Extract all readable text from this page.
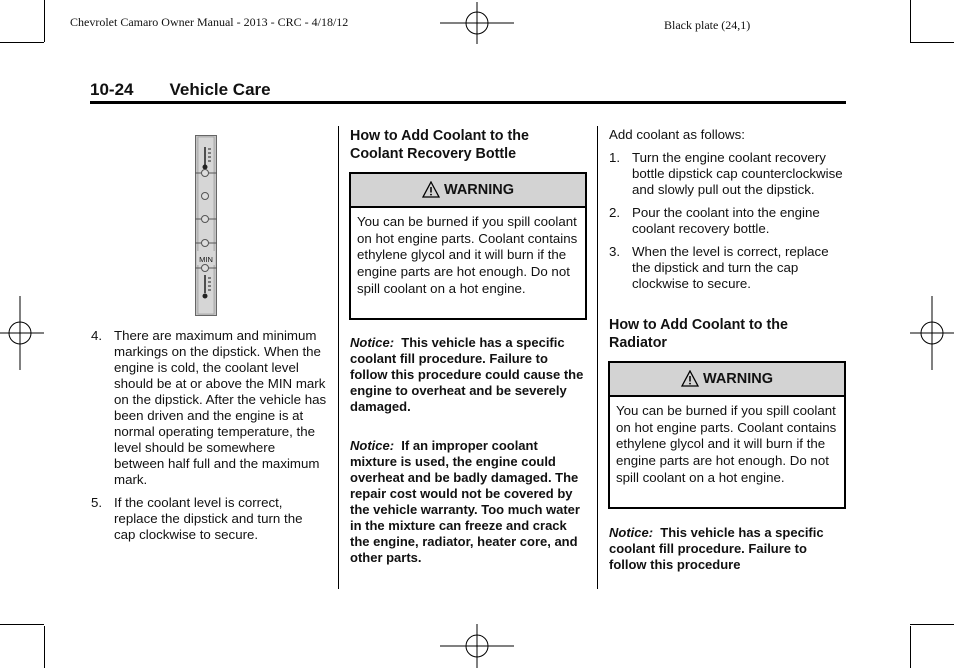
Chevrolet Camaro Owner Manual - 2013 - CRC - 4/18/12	Black plate (24,1)
10-24 Vehicle Care
MIN
4. There are maximum and minimum markings on the dipstick. When the engine is cold, the coolant level should be at or above the MIN mark on the dipstick. After the vehicle has been driven and the engine is at normal operating temperature, the level should be somewhere between half full and the maximum mark.
5. If the coolant level is correct, replace the dipstick and turn the cap clockwise to secure.
How to Add Coolant to the Coolant Recovery Bottle
WARNING
You can be burned if you spill coolant on hot engine parts. Coolant contains ethylene glycol and it will burn if the engine parts are hot enough. Do not spill coolant on a hot engine.
Notice: This vehicle has a specific coolant fill procedure. Failure to follow this procedure could cause the engine to overheat and be severely damaged.
Notice: If an improper coolant mixture is used, the engine could overheat and be badly damaged. The repair cost would not be covered by the vehicle warranty. Too much water in the mixture can freeze and crack the engine, radiator, heater core, and other parts.
Add coolant as follows:
1. Turn the engine coolant recovery bottle dipstick cap counterclockwise and slowly pull out the dipstick.
2. Pour the coolant into the engine coolant recovery bottle.
3. When the level is correct, replace the dipstick and turn the cap clockwise to secure.
How to Add Coolant to the Radiator
WARNING
You can be burned if you spill coolant on hot engine parts. Coolant contains ethylene glycol and it will burn if the engine parts are hot enough. Do not spill coolant on a hot engine.
Notice: This vehicle has a specific coolant fill procedure. Failure to follow this procedure
